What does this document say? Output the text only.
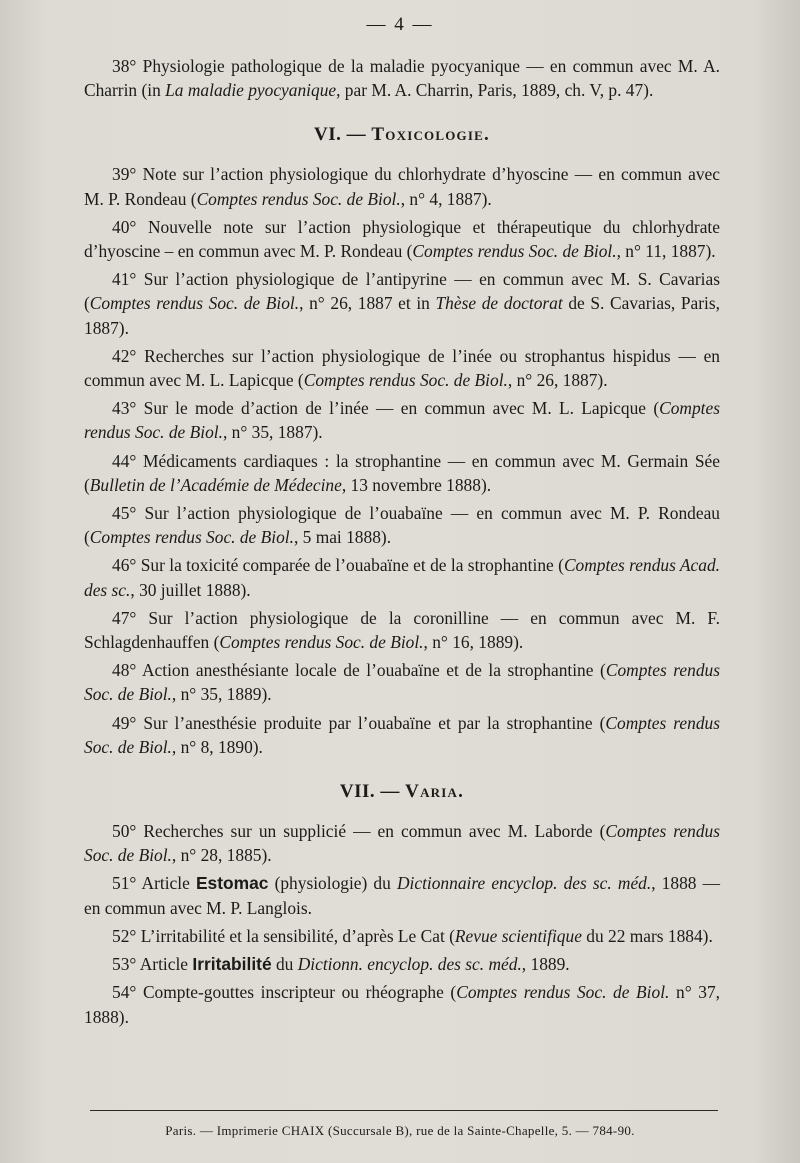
— 4 —

38° Physiologie pathologique de la maladie pyocyanique — en commun avec M. A. Charrin (in La maladie pyocyanique, par M. A. Charrin, Paris, 1889, ch. V, p. 47).

VI. — Toxicologie.

39° Note sur l’action physiologique du chlorhydrate d’hyoscine — en commun avec M. P. Rondeau (Comptes rendus Soc. de Biol., n° 4, 1887).

40° Nouvelle note sur l’action physiologique et thérapeutique du chlorhydrate d’hyoscine – en commun avec M. P. Rondeau (Comptes rendus Soc. de Biol., n° 11, 1887).

41° Sur l’action physiologique de l’antipyrine — en commun avec M. S. Cavarias (Comptes rendus Soc. de Biol., n° 26, 1887 et in Thèse de doctorat de S. Cavarias, Paris, 1887).

42° Recherches sur l’action physiologique de l’inée ou strophantus hispidus — en commun avec M. L. Lapicque (Comptes rendus Soc. de Biol., n° 26, 1887).

43° Sur le mode d’action de l’inée — en commun avec M. L. Lapicque (Comptes rendus Soc. de Biol., n° 35, 1887).

44° Médicaments cardiaques : la strophantine — en commun avec M. Germain Sée (Bulletin de l’Académie de Médecine, 13 novembre 1888).

45° Sur l’action physiologique de l’ouabaïne — en commun avec M. P. Rondeau (Comptes rendus Soc. de Biol., 5 mai 1888).

46° Sur la toxicité comparée de l’ouabaïne et de la strophantine (Comptes rendus Acad. des sc., 30 juillet 1888).

47° Sur l’action physiologique de la coronilline — en commun avec M. F. Schlagdenhauffen (Comptes rendus Soc. de Biol., n° 16, 1889).

48° Action anesthésiante locale de l’ouabaïne et de la strophantine (Comptes rendus Soc. de Biol., n° 35, 1889).

49° Sur l’anesthésie produite par l’ouabaïne et par la strophantine (Comptes rendus Soc. de Biol., n° 8, 1890).

VII. — Varia.

50° Recherches sur un supplicié — en commun avec M. Laborde (Comptes rendus Soc. de Biol., n° 28, 1885).

51° Article Estomac (physiologie) du Dictionnaire encyclop. des sc. méd., 1888 — en commun avec M. P. Langlois.

52° L’irritabilité et la sensibilité, d’après Le Cat (Revue scientifique du 22 mars 1884).

53° Article Irritabilité du Dictionn. encyclop. des sc. méd., 1889.

54° Compte-gouttes inscripteur ou rhéographe (Comptes rendus Soc. de Biol. n° 37, 1888).

Paris. — Imprimerie CHAIX (Succursale B), rue de la Sainte-Chapelle, 5. — 784-90.
